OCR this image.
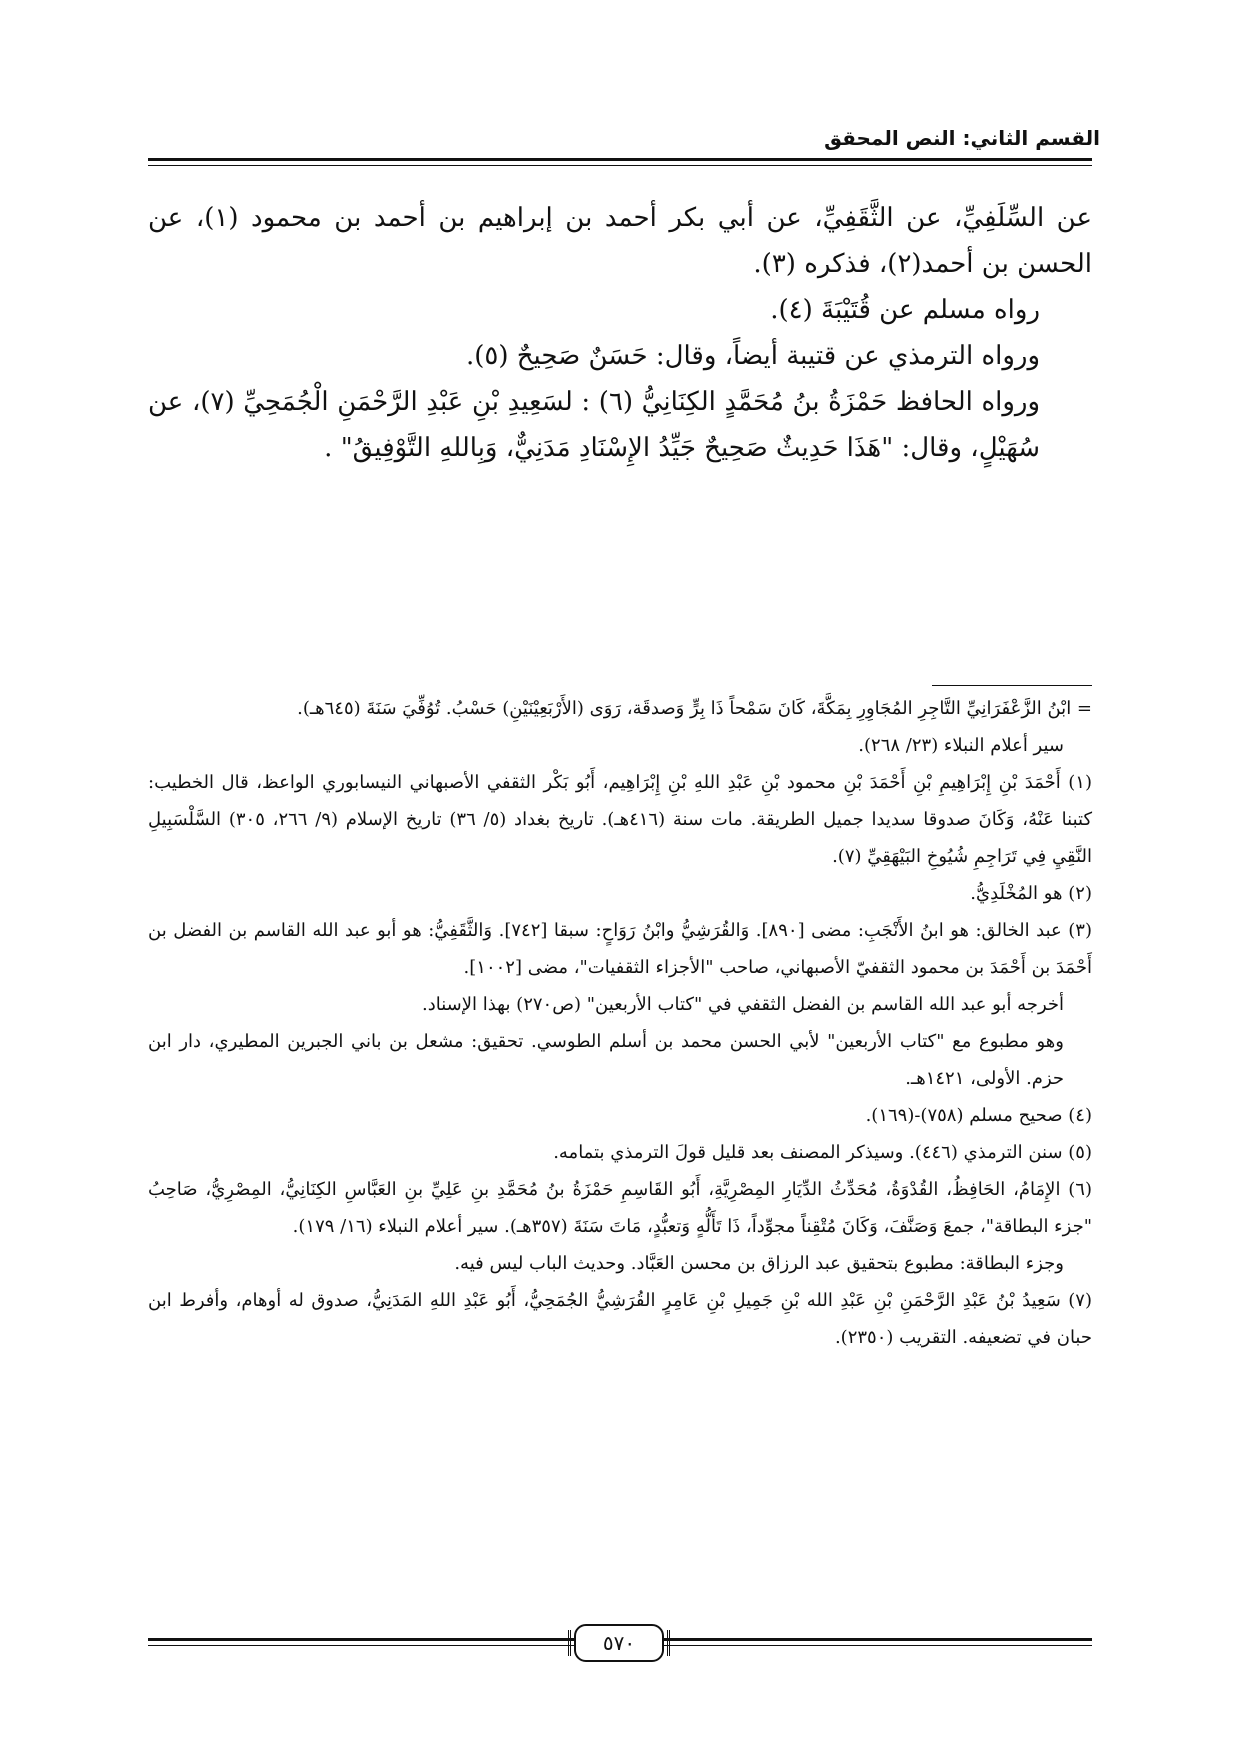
القسم الثاني: النص المحقق

عن السِّلَفِيِّ، عن الثَّقَفِيِّ، عن أبي بكر أحمد بن إبراهيم بن أحمد بن محمود (١)، عن الحسن بن أحمد(٢)، فذكره (٣).

رواه مسلم عن قُتَيْبَةَ (٤).

ورواه الترمذي عن قتيبة أيضاً، وقال: حَسَنٌ صَحِيحٌ (٥).

ورواه الحافظ حَمْزَةُ بنُ مُحَمَّدٍ الكِنَانِيُّ (٦) : لسَعِيدِ بْنِ عَبْدِ الرَّحْمَنِ الْجُمَحِيِّ (٧)، عن سُهَيْلٍ، وقال: "هَذَا حَدِيثٌ صَحِيحٌ جَيِّدُ الإِسْنَادِ مَدَنِيٌّ، وَبِاللهِ التَّوْفِيقُ" .

= ابْنُ الزَّعْفَرَانِيِّ التَّاجِرِ المُجَاوِرِ بِمَكَّةَ، كَانَ سَمْحاً ذَا بِرٍّ وَصدقَة، رَوَى (الأَرْبَعِيْنَيْنِ) حَسْبُ. تُوُفِّيَ سَنَةَ (٦٤٥هـ).

سير أعلام النبلاء (٢٣/ ٢٦٨).

(١) أَحْمَدَ بْنِ إِبْرَاهِيمِ بْنِ أَحْمَدَ بْنِ محمود بْنِ عَبْدِ اللهِ بْنِ إِبْرَاهِيم، أَبُو بَكْر الثقفي الأصبهاني النيسابوري الواعظ، قال الخطيب: كتبنا عَنْهُ، وَكَانَ صدوقا سديدا جميل الطريقة. مات سنة (٤١٦هـ). تاريخ بغداد (٥/ ٣٦) تاريخ الإسلام (٩/ ٢٦٦، ٣٠٥) السَّلْسَبِيلِ النَّقِيِ فِي تَرَاجِمِ شُيُوخِ البَيْهَقِيِّ (٧).

(٢) هو المُخْلَدِيُّ.

(٣) عبد الخالق: هو ابنُ الأَنْجَبِ: مضى [٨٩٠]. وَالقُرَشِيُّ وابْنُ رَوَاحٍ: سبقا [٧٤٢]. وَالثَّقَفِيُّ: هو أبو عبد الله القاسم بن الفضل بن أَحْمَدَ بن أَحْمَدَ بن محمود الثقفيّ الأصبهاني، صاحب "الأجزاء الثقفيات"، مضى [١٠٠٢].

أخرجه أبو عبد الله القاسم بن الفضل الثقفي في "كتاب الأربعين" (ص٢٧٠) بهذا الإسناد.

وهو مطبوع مع "كتاب الأربعين" لأبي الحسن محمد بن أسلم الطوسي. تحقيق: مشعل بن باني الجبرين المطيري، دار ابن حزم. الأولى، ١٤٢١هـ.

(٤) صحيح مسلم (٧٥٨)-(١٦٩).

(٥) سنن الترمذي (٤٤٦). وسيذكر المصنف بعد قليل قولَ الترمذي بتمامه.

(٦) الإِمَامُ، الحَافِظُ، القُدْوَةُ، مُحَدِّثُ الدِّيَارِ المِصْرِيَّةِ، أَبُو القَاسِمِ حَمْزَةُ بنُ مُحَمَّدِ بنِ عَلِيِّ بنِ العَبَّاسِ الكِنَانِيُّ، المِصْرِيُّ، صَاحِبُ "جزء البطاقة"، جمعَ وَصَنَّفَ، وَكَانَ مُتْقِناً مجوِّداً، ذَا تَأَلُّهٍ وَتعبُّدٍ، مَاتَ سَنَةَ (٣٥٧هـ). سير أعلام النبلاء (١٦/ ١٧٩).

وجزء البطاقة: مطبوع بتحقيق عبد الرزاق بن محسن العَبَّاد. وحديث الباب ليس فيه.

(٧) سَعِيدُ بْنُ عَبْدِ الرَّحْمَنِ بْنِ عَبْدِ الله بْنِ جَمِيلِ بْنِ عَامِرٍ القُرَشِيُّ الجُمَحِيُّ، أَبُو عَبْدِ اللهِ المَدَنِيُّ، صدوق له أوهام، وأفرط ابن حبان في تضعيفه. التقريب (٢٣٥٠).

٥٧٠
